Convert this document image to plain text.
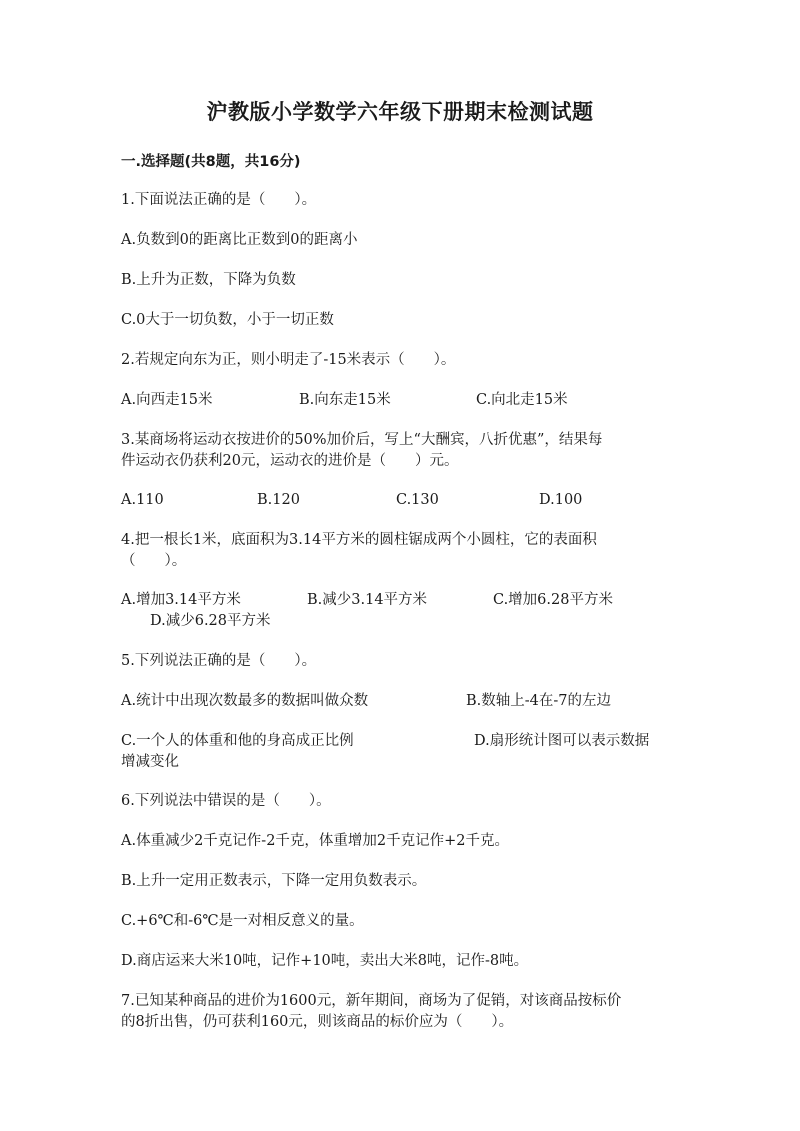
沪教版小学数学六年级下册期末检测试题
一.选择题(共8题，共16分)
1.下面说法正确的是（　　）。
A.负数到0的距离比正数到0的距离小
B.上升为正数，下降为负数
C.0大于一切负数，小于一切正数
2.若规定向东为正，则小明走了-15米表示（　　）。
A.向西走15米	B.向东走15米	C.向北走15米
3.某商场将运动衣按进价的50%加价后，写上“大酬宾，八折优惠”，结果每
件运动衣仍获利20元，运动衣的进价是（　　）元。
A.110	B.120	C.130	D.100
4.把一根长1米，底面积为3.14平方米的圆柱锯成两个小圆柱，它的表面积
（　　）。
A.增加3.14平方米	B.减少3.14平方米	C.增加6.28平方米
D.减少6.28平方米
5.下列说法正确的是（　　）。
A.统计中出现次数最多的数据叫做众数	B.数轴上-4在-7的左边
C.一个人的体重和他的身高成正比例	D.扇形统计图可以表示数据
增减变化
6.下列说法中错误的是（　　）。
A.体重减少2千克记作-2千克，体重增加2千克记作+2千克。
B.上升一定用正数表示，下降一定用负数表示。
C.+6℃和-6℃是一对相反意义的量。
D.商店运来大米10吨，记作+10吨，卖出大米8吨，记作-8吨。
7.已知某种商品的进价为1600元，新年期间，商场为了促销，对该商品按标价
的8折出售，仍可获利160元，则该商品的标价应为（　　）。
